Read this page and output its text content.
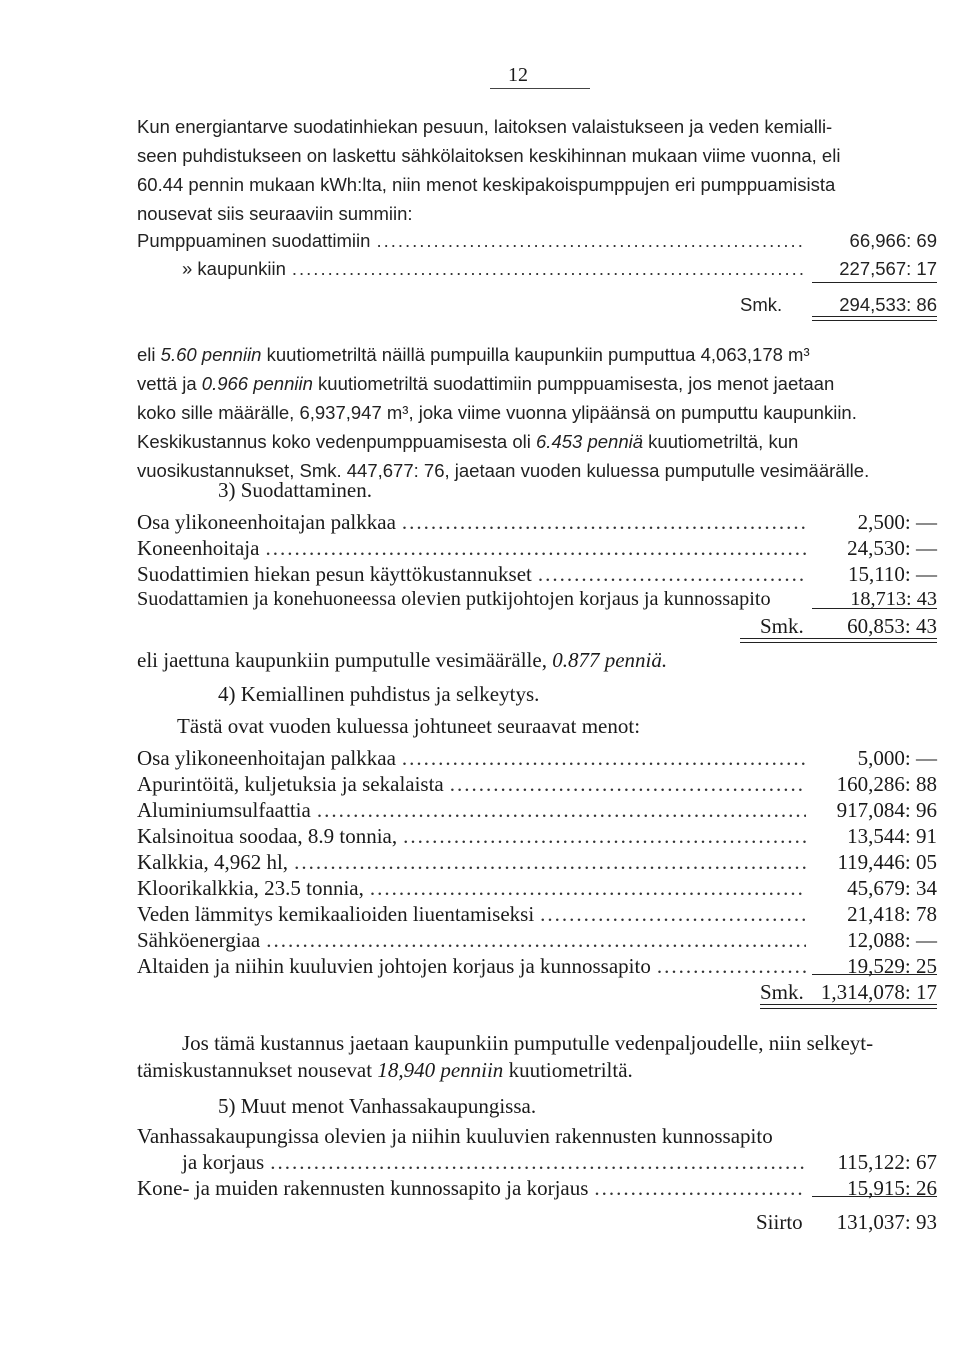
12
Kun energiantarve suodatinhiekan pesuun, laitoksen valaistukseen ja veden kemialli-
seen puhdistukseen on laskettu sähkölaitoksen keskihinnan mukaan viime vuonna, eli
60.44 pennin mukaan kWh:lta, niin menot keskipakoispumppujen eri pumppuamisista
nousevat siis seuraaviin summiin:
Pumppuaminen suodattimiin .....	66,966: 69
» kaupunkiin .....	227,567: 17
Smk.	294,533: 86
eli 5.60 penniin kuutiometriltä näillä pumpuilla kaupunkiin pumputtua 4,063,178 m³
vettä ja 0.966 penniin kuutiometriltä suodattimiin pumppuamisesta, jos menot jaetaan
koko sille määrälle, 6,937,947 m³, joka viime vuonna ylipäänsä on pumputtu kaupunkiin.
Keskikustannus koko vedenpumppuamisesta oli 6.453 penniä kuutiometriltä, kun
vuosikustannukset, Smk. 447,677: 76, jaetaan vuoden kuluessa pumputulle vesimäärälle.
3) Suodattaminen.
Osa ylikoneenhoitajan palkkaa .....	2,500: —
Koneenhoitaja .....	24,530: —
Suodattimien hiekan pesun käyttökustannukset .....	15,110: —
Suodattamien ja konehuoneessa olevien putkijohtojen korjaus ja kunnossapito	18,713: 43
Smk.	60,853: 43
eli jaettuna kaupunkiin pumputulle vesimäärälle, 0.877 penniä.
4) Kemiallinen puhdistus ja selkeytys.
Tästä ovat vuoden kuluessa johtuneet seuraavat menot:
Osa ylikoneenhoitajan palkkaa .....	5,000: —
Apurintöitä, kuljetuksia ja sekalaista .....	160,286: 88
Aluminiumsulfaattia .....	917,084: 96
Kalsinoitua soodaa, 8.9 tonnia, .....	13,544: 91
Kalkkia, 4,962 hl, .....	119,446: 05
Kloorikalkkia, 23.5 tonnia, .....	45,679: 34
Veden lämmitys kemikaalioiden liuentamiseksi .....	21,418: 78
Sähköenergiaa .....	12,088: —
Altaiden ja niihin kuuluvien johtojen korjaus ja kunnossapito .....	19,529: 25
Smk. 1,314,078: 17
Jos tämä kustannus jaetaan kaupunkiin pumputulle vedenpaljoudelle, niin selkeyt-
tämiskustannukset nousevat 18,940 penniin kuutiometriltä.
5) Muut menot Vanhassakaupungissa.
Vanhassakaupungissa olevien ja niihin kuuluvien rakennusten kunnossapito
ja korjaus .....	115,122: 67
Kone- ja muiden rakennusten kunnossapito ja korjaus .....	15,915: 26
Siirto	131,037: 93
